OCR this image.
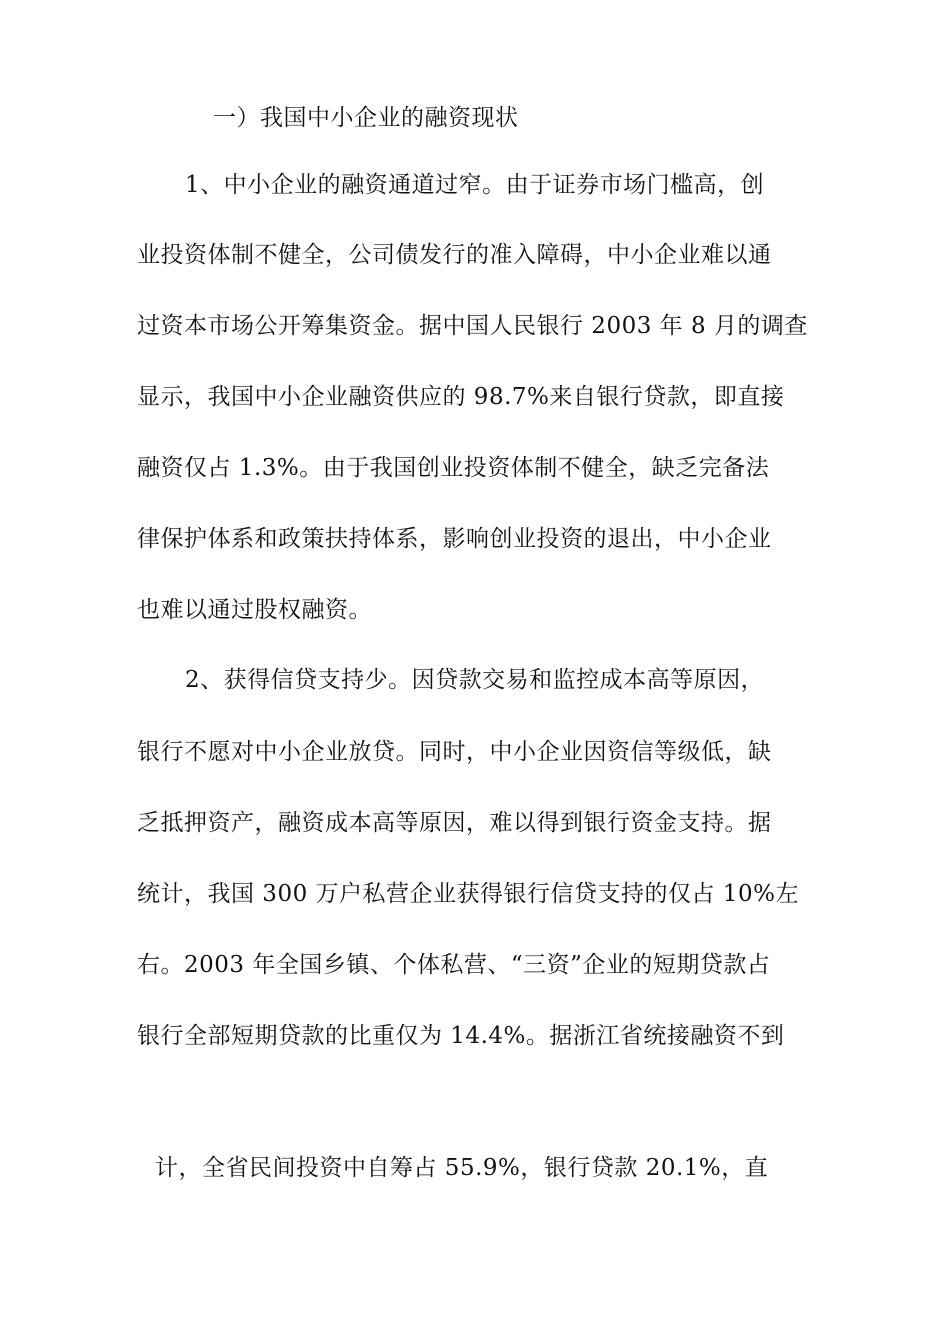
一）我国中小企业的融资现状
1、中小企业的融资通道过窄。由于证券市场门槛高，创
业投资体制不健全，公司债发行的准入障碍，中小企业难以通
过资本市场公开筹集资金。据中国人民银行 2003 年 8 月的调查
显示，我国中小企业融资供应的 98.7%来自银行贷款，即直接
融资仅占 1.3%。由于我国创业投资体制不健全，缺乏完备法
律保护体系和政策扶持体系，影响创业投资的退出，中小企业
也难以通过股权融资。
2、获得信贷支持少。因贷款交易和监控成本高等原因，
银行不愿对中小企业放贷。同时，中小企业因资信等级低，缺
乏抵押资产，融资成本高等原因，难以得到银行资金支持。据
统计，我国 300 万户私营企业获得银行信贷支持的仅占 10%左
右。2003 年全国乡镇、个体私营、“三资”企业的短期贷款占
银行全部短期贷款的比重仅为 14.4%。据浙江省统接融资不到
计，全省民间投资中自筹占 55.9%，银行贷款 20.1%，直
